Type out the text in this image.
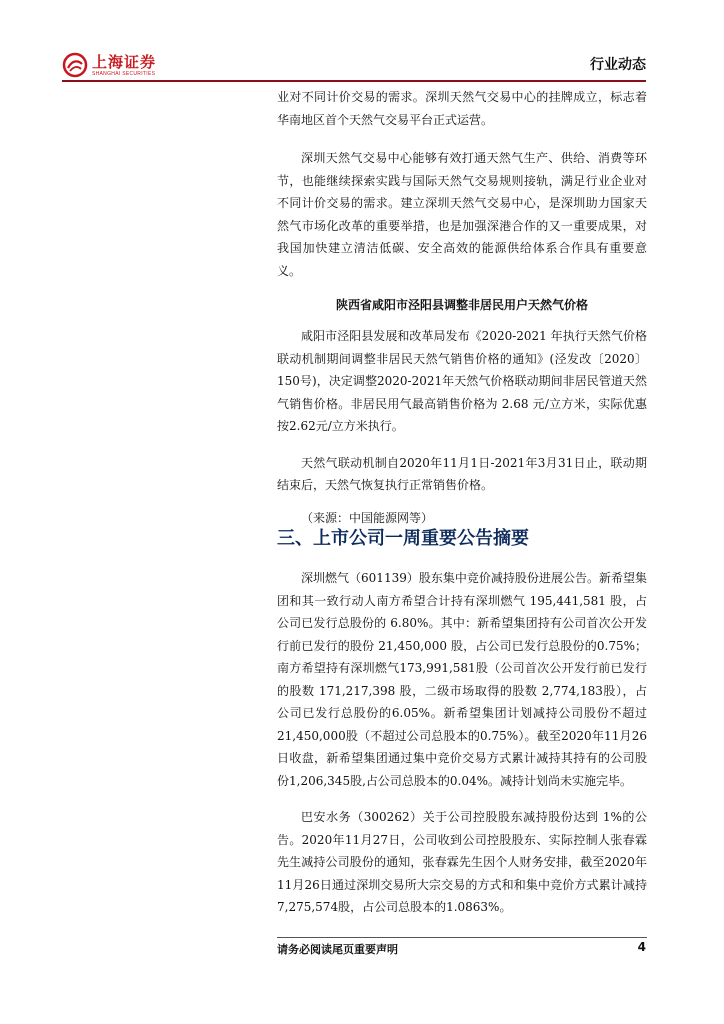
上海证券
SHANGHAI SECURITIES
行业动态

业对不同计价交易的需求。深圳天然气交易中心的挂牌成立，标志着华南地区首个天然气交易平台正式运营。

深圳天然气交易中心能够有效打通天然气生产、供给、消费等环节，也能继续探索实践与国际天然气交易规则接轨，满足行业企业对不同计价交易的需求。建立深圳天然气交易中心，是深圳助力国家天然气市场化改革的重要举措，也是加强深港合作的又一重要成果，对我国加快建立清洁低碳、安全高效的能源供给体系合作具有重要意义。

陕西省咸阳市泾阳县调整非居民用户天然气价格

咸阳市泾阳县发展和改革局发布《2020-2021 年执行天然气价格联动机制期间调整非居民天然气销售价格的通知》(泾发改〔2020〕150号)，决定调整2020-2021年天然气价格联动期间非居民管道天然气销售价格。非居民用气最高销售价格为 2.68 元/立方米，实际优惠按2.62元/立方米执行。

天然气联动机制自2020年11月1日-2021年3月31日止，联动期结束后，天然气恢复执行正常销售价格。

（来源：中国能源网等）

三、上市公司一周重要公告摘要

深圳燃气（601139）股东集中竞价减持股份进展公告。新希望集团和其一致行动人南方希望合计持有深圳燃气 195,441,581 股，占公司已发行总股份的 6.80%。其中：新希望集团持有公司首次公开发行前已发行的股份 21,450,000 股，占公司已发行总股份的0.75%；南方希望持有深圳燃气173,991,581股（公司首次公开发行前已发行的股数 171,217,398 股，二级市场取得的股数 2,774,183股），占公司已发行总股份的6.05%。新希望集团计划减持公司股份不超过21,450,000股（不超过公司总股本的0.75%）。截至2020年11月26日收盘，新希望集团通过集中竞价交易方式累计减持其持有的公司股份1,206,345股,占公司总股本的0.04%。减持计划尚未实施完毕。

巴安水务（300262）关于公司控股股东减持股份达到 1%的公告。2020年11月27日，公司收到公司控股股东、实际控制人张春霖先生减持公司股份的通知，张春霖先生因个人财务安排，截至2020年11月26日通过深圳交易所大宗交易的方式和和集中竞价方式累计减持7,275,574股，占公司总股本的1.0863%。

请务必阅读尾页重要声明	4
